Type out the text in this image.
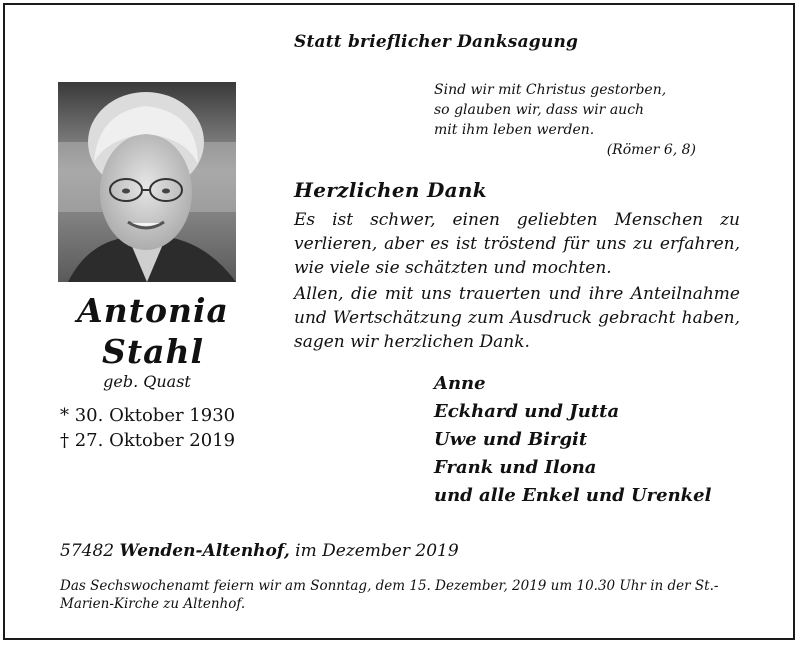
Statt brieflicher Danksagung
Sind wir mit Christus gestorben,
so glauben wir, dass wir auch
mit ihm leben werden.
(Römer 6, 8)
Antonia
Stahl
geb. Quast
* 30. Oktober 1930
† 27. Oktober 2019
Herzlichen Dank
Es ist schwer, einen geliebten Menschen zu verlieren, aber es ist tröstend für uns zu erfahren, wie viele sie schätzten und mochten.
Allen, die mit uns trauerten und ihre Anteilnahme und Wertschätzung zum Ausdruck gebracht haben, sagen wir herzlichen Dank.
Anne
Eckhard und Jutta
Uwe und Birgit
Frank und Ilona
und alle Enkel und Urenkel
57482 Wenden-Altenhof, im Dezember 2019
Das Sechswochenamt feiern wir am Sonntag, dem 15. Dezember, 2019 um 10.30 Uhr in der St.-Marien-Kirche zu Altenhof.
